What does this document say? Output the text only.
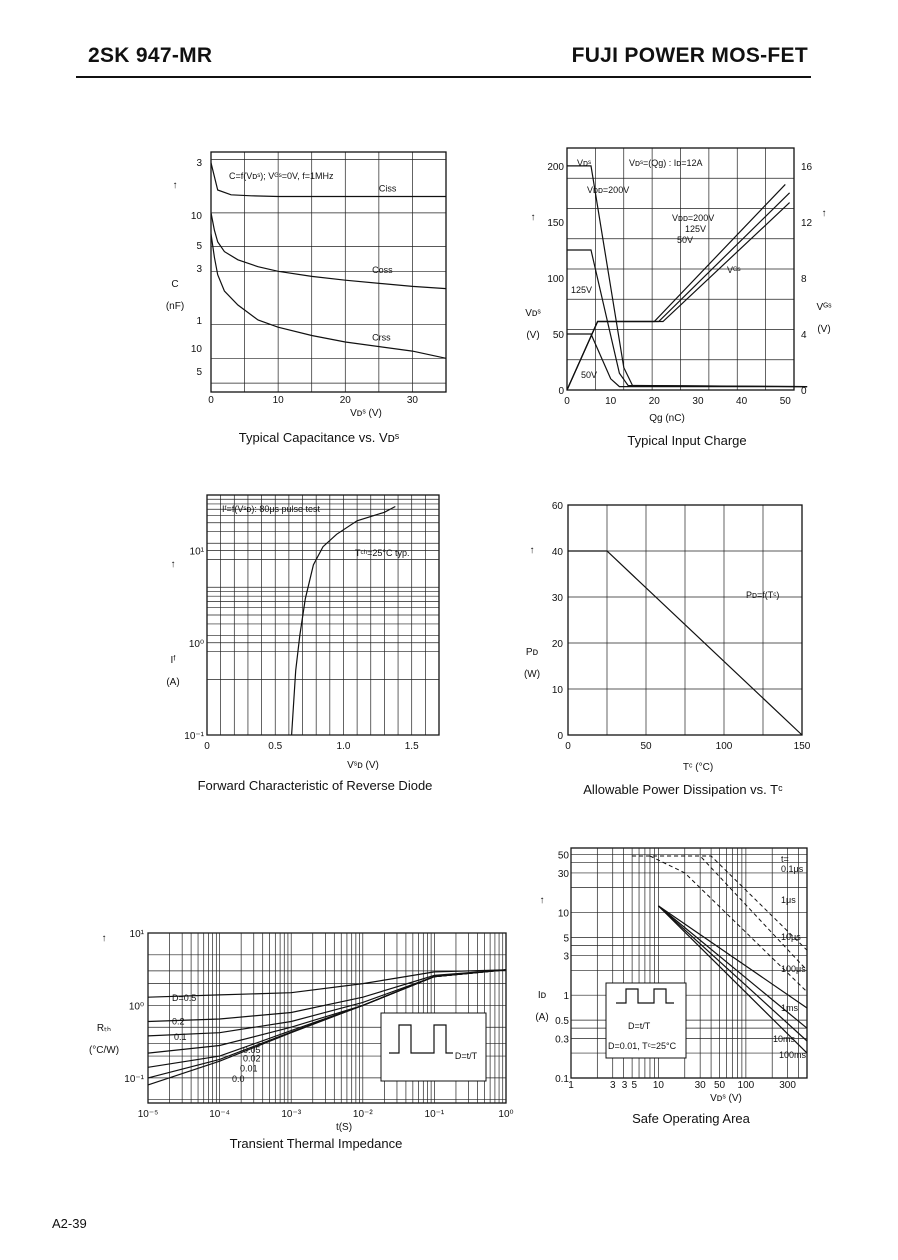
2SK 947-MR	FUJI POWER MOS-FET
A2-39
Ciss
Coss
Crss
C=f(Vᴅˢ); Vᴳˢ=0V, f=1MHz
0	10	20	30
3
10
5
3
1
10
5
C
(nF)
↑
Vᴅˢ (V)
Typical Capacitance vs. Vᴅˢ
0	10	20	30	40	50
0
50
100
150
200
0
4
8
12
16
Vᴅˢ
Vᴅᴅ=200V
Vᴅᴅ=200V
125V
50V
Vᴳˢ
125V
50V
Vᴅˢ=(Qg) : Iᴅ=12A
Vᴅˢ
(V)
↑
Vᴳˢ
(V)
↑
Qg (nC)
Typical Input Charge
Iᶠ=f(Vˢᴅ): 80μs pulse test
Tᶜʰ=25°C typ.
0	0.5	1.0	1.5
10¹
10⁰
10⁻¹
Iᶠ
(A)
↑
Vˢᴅ (V)
Forward Characteristic of Reverse Diode
Pᴅ=f(Tᶜ)
0	50	100	150
0
10
20
30
40
60
Pᴅ
(W)
↑
Tᶜ (°C)
Allowable Power Dissipation vs. Tᶜ
D=0.5
0.2
0.1
0.05
0.02
0.01
0.0
D=t/T
10⁻⁵	10⁻⁴	10⁻³	10⁻²	10⁻¹	10⁰
10¹
10⁰
10⁻¹
Rₜₕ
(°C/W)
↑
t(S)
Transient Thermal Impedance
t=
0.1μs
1μs
10μs
100μs
1ms
10ms
100ms
D=t/T
D=0.01, Tᶜ=25°C
1	3 3 5 10	30 50 100	300
50
30
10
5
3
1
0.5
0.3
0.1
Iᴅ
(A)
↑
Vᴅˢ (V)
Safe Operating Area
